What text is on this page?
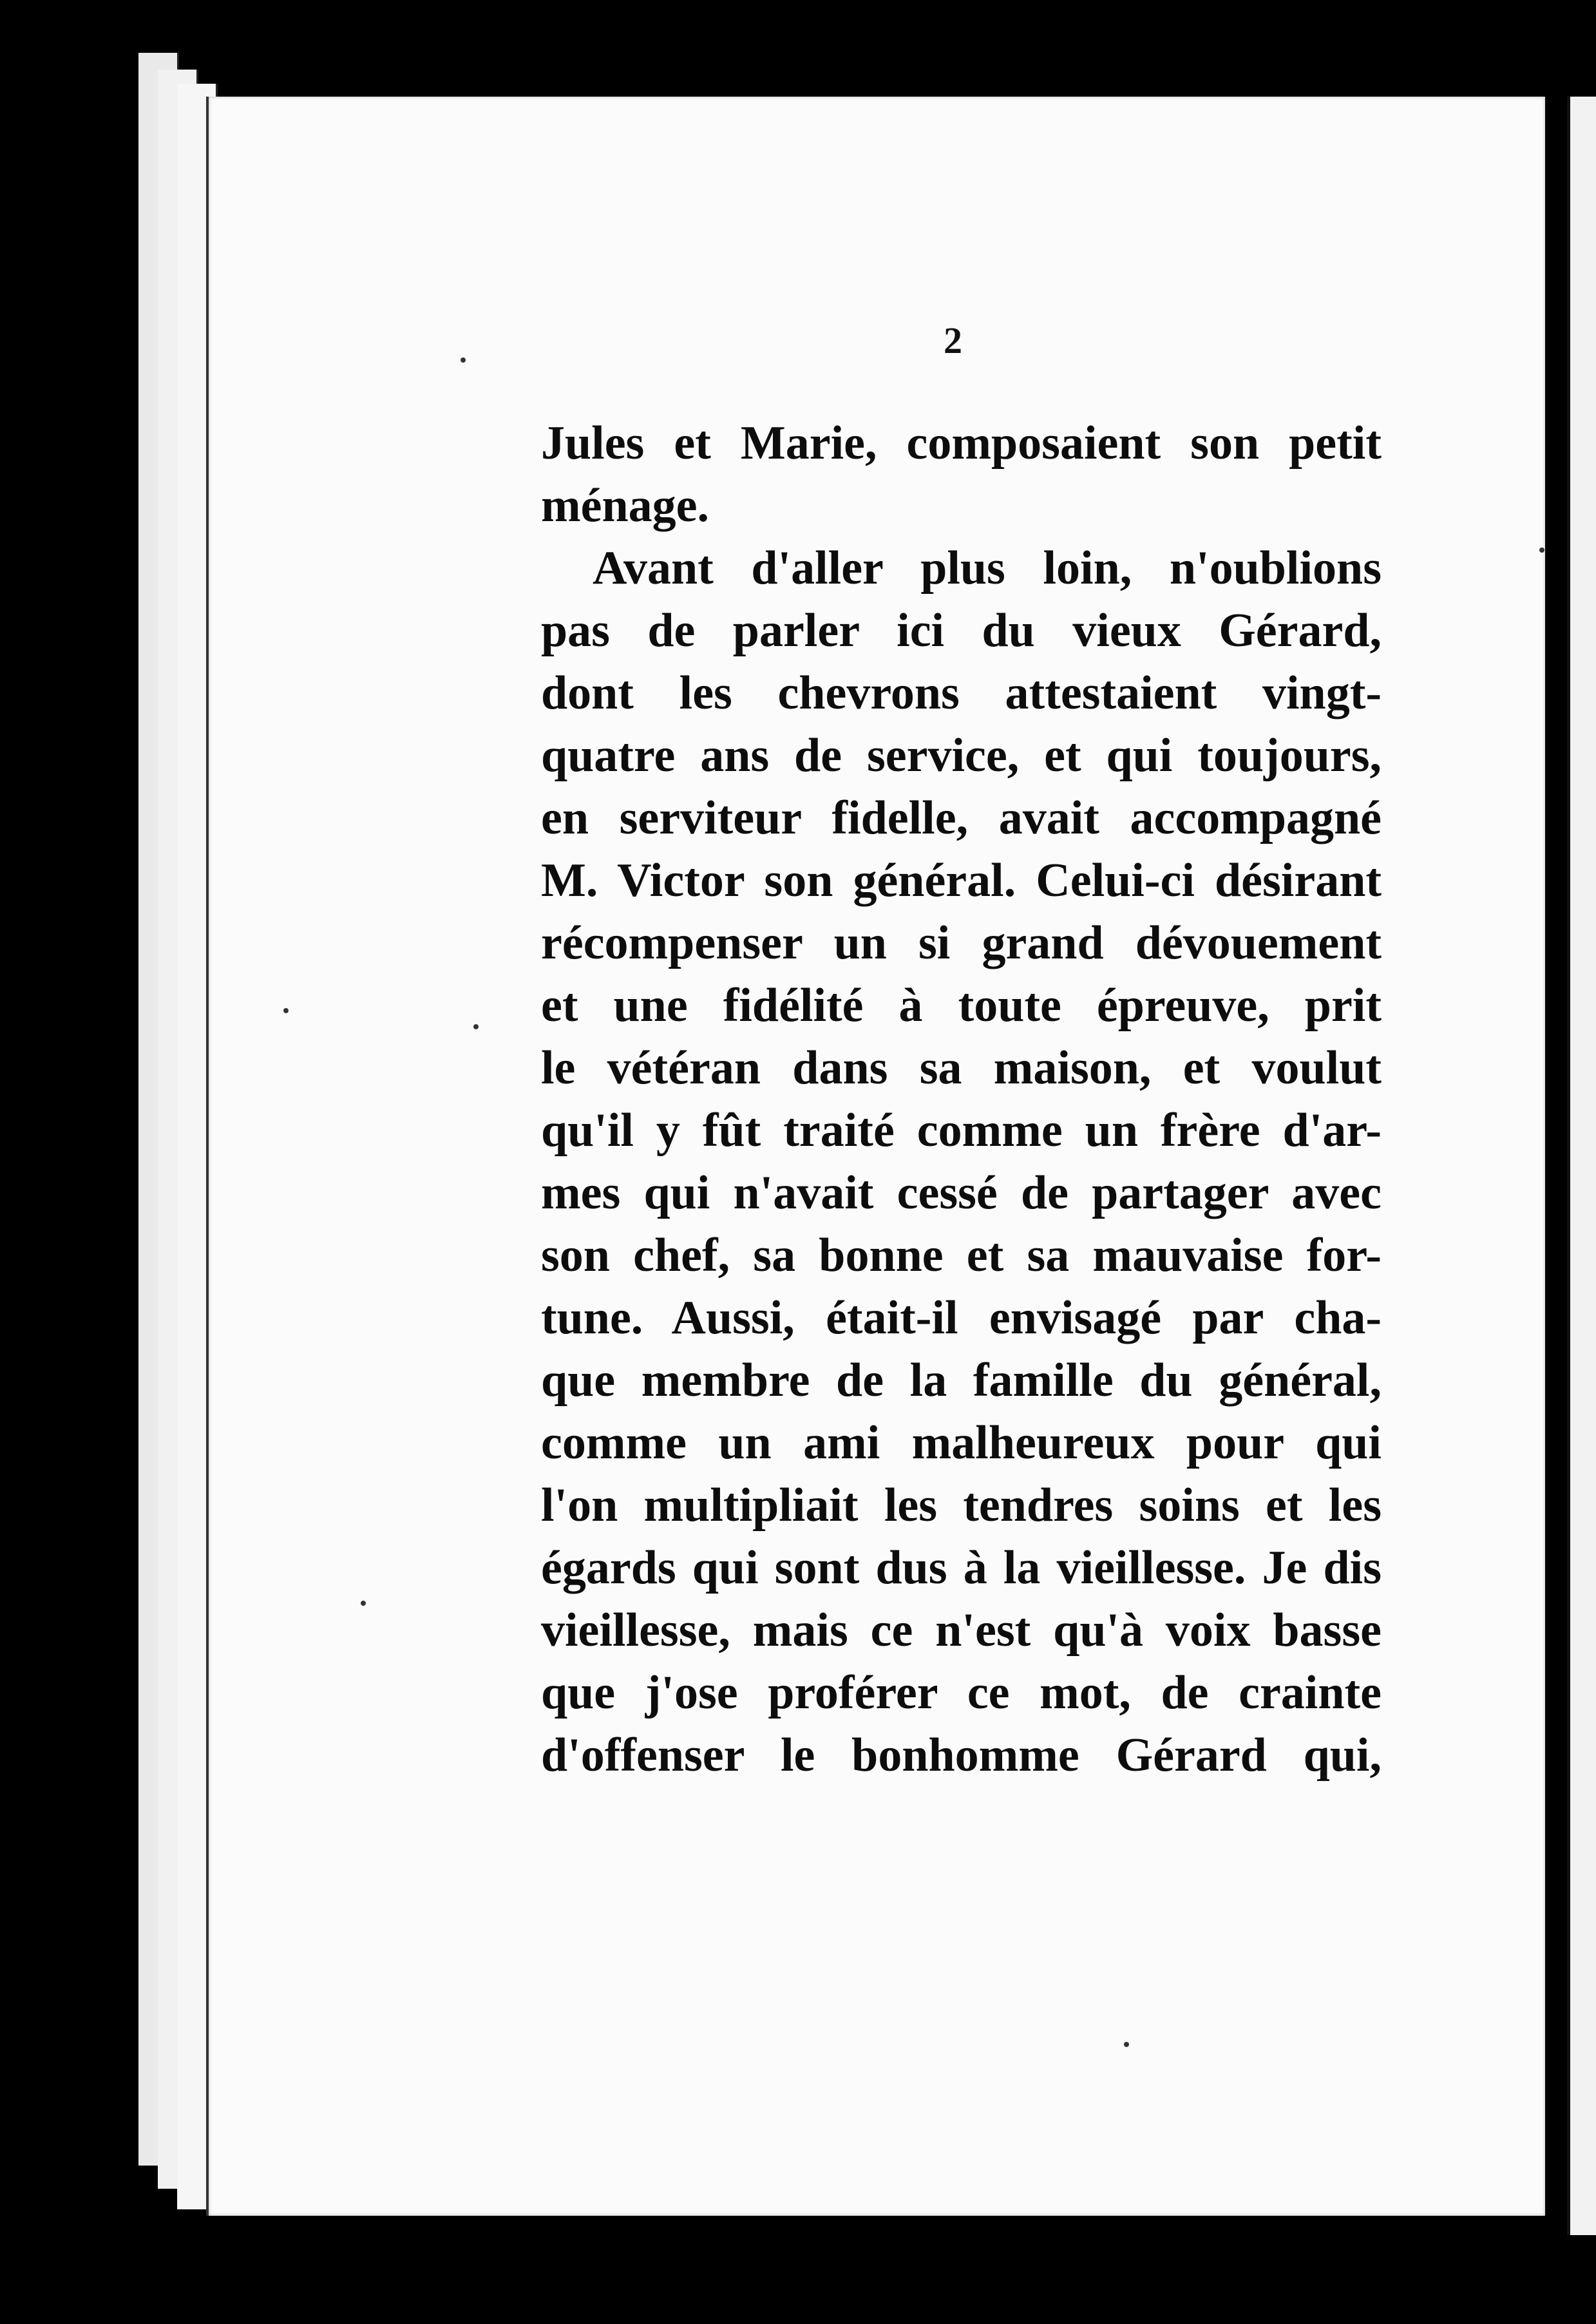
2
Jules et Marie, composaient son petit
ménage.
Avant d'aller plus loin, n'oublions
pas de parler ici du vieux Gérard,
dont les chevrons attestaient vingt-
quatre ans de service, et qui toujours,
en serviteur fidelle, avait accompagné
M. Victor son général. Celui-ci désirant
récompenser un si grand dévouement
et une fidélité à toute épreuve, prit
le vétéran dans sa maison, et voulut
qu'il y fût traité comme un frère d'ar-
mes qui n'avait cessé de partager avec
son chef, sa bonne et sa mauvaise for-
tune. Aussi, était-il envisagé par cha-
que membre de la famille du général,
comme un ami malheureux pour qui
l'on multipliait les tendres soins et les
égards qui sont dus à la vieillesse. Je dis
vieillesse, mais ce n'est qu'à voix basse
que j'ose proférer ce mot, de crainte
d'offenser le bonhomme Gérard qui,
